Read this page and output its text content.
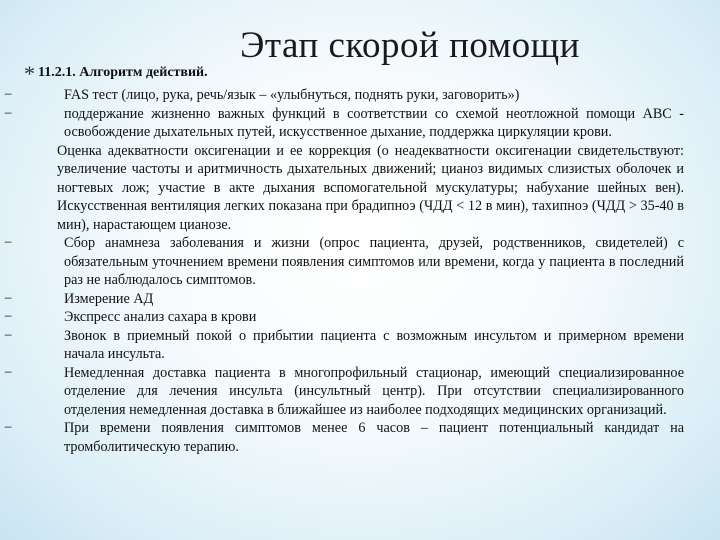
Этап скорой помощи
* 11.2.1. Алгоритм действий.
−	FAS тест (лицо, рука, речь/язык – «улыбнуться, поднять руки, заговорить»)
−	поддержание жизненно важных функций в соответствии со схемой неотложной помощи АВС - освобождение дыхательных путей, искусственное дыхание, поддержка циркуляции крови.
Оценка адекватности оксигенации и ее коррекция (о неадекватности оксигенации свидетельствуют: увеличение частоты и аритмичность дыхательных движений; цианоз видимых слизистых оболочек и ногтевых лож; участие в акте дыхания вспомогательной мускулатуры; набухание шейных вен). Искусственная вентиляция легких показана при брадипноэ (ЧДД < 12 в мин), тахипноэ (ЧДД > 35-40 в мин), нарастающем цианозе.
−	Сбор анамнеза заболевания и жизни (опрос пациента, друзей, родственников, свидетелей) с обязательным уточнением времени появления симптомов или времени, когда у пациента в последний раз не наблюдалось симптомов.
−	Измерение АД
−	Экспресс анализ сахара в крови
−	Звонок в приемный покой о прибытии пациента с возможным инсультом и примерном времени начала инсульта.
−	Немедленная доставка пациента в многопрофильный стационар, имеющий специализированное отделение для лечения инсульта (инсультный центр). При отсутствии специализированного отделения немедленная доставка в ближайшее из наиболее подходящих медицинских организаций.
−	При времени появления симптомов менее 6 часов – пациент потенциальный кандидат на тромболитическую терапию.
